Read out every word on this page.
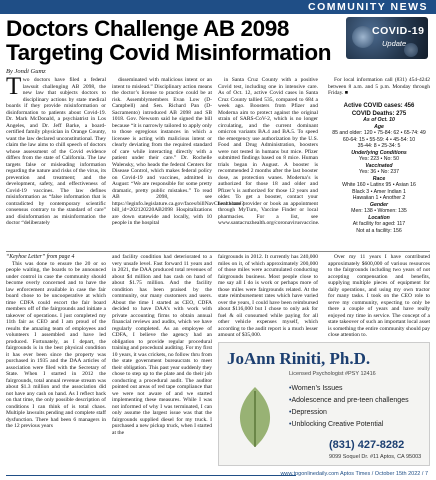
COMMUNITY NEWS
Doctors Challenge AB 2098 Targeting Covid Misinformation
By Jondi Gumz
COVID-19
Update
Two doctors have filed a federal lawsuit challenging AB 2098, the new law that subjects doctors to disciplinary actions by state medical boards if they provide misinformation or disinformation to patients about Covid-19. Dr. Mark McDonald, a psychiatrist in Los Angeles, and Dr. Jeff Barke, a board-certified family physician in Orange County, want the law declared unconstitutional. They claim the law aims to chill speech of doctors whose assessment of the Covid evidence differs from the state of California. The law targets false or misleading information regarding the nature and risks of the virus, its prevention and treatment; and the development, safety, and effectiveness of Covid-19 vaccines. The law defines misinformation as “false information that is contradicted by contemporary scientific consensus contrary to the standard of care” and disinformation as misinformation the doctor “deliberately

disseminated with malicious intent or an intent to mislead.” Disciplinary action means the doctor’s license to practice could be at risk. Assemblymembers Evan Low (D-Campbell) and Sen. Richard Pan (D-Sacramento) introduced AB 2098 and SB 1018. Gov. Newsom said he signed the bill because “it is narrowly tailored to apply only to those egregious instances in which a licensee is acting with malicious intent or clearly deviating from the required standard of care while interacting directly with a patient under their care.” Dr. Rochelle Walensky, who heads the federal Centers for Disease Control, which makes federal policy on Covid-19 and vaccines, admitted in August: “We are responsible for some pretty dramatic, pretty public mistakes.” To read AB 2098, see https://leginfo.legislature.ca.gov/faces/billNavClient.xhtml?bill_id=202120220AB2098 Hospitalizations are down statewide and locally, with 10 people in the hospital

in Santa Cruz County with a positive Covid test, including one in intensive care. As of Oct. 12, active Covid cases in Santa Cruz County tallied 535, compared to 684 a week ago. Boosters from Pfizer and Moderna aim to protect against the original strain of SARS-CoV-2, which is no longer circulating, and the current dominant omicron variants BA.4 and BA.5. To speed the emergency use authorization by the U.S. Food and Drug Administration, boosters were not tested in humans but mice. Pfizer submitted findings based on 8 mice. Human trials began in August. A booster is recommended 2 months after the last booster dose, as protection wanes. Moderna’s is authorized for those 18 and older and Pfizer’s is authorized for those 12 years and older. To get a booster, contact your healthcare provider or book an appointment through MyTurn, Vaccine Finder or local pharmacies. For a list, see www.santacruzhealth.org/coronavirusvaccine.

For local information call (831) 454-4242 between 8 a.m. and 5 p.m. Monday through Friday. ■

Active COVID cases: 456
COVID Deaths: 275
As of Oct. 10
Age
85 and older: 120 • 75-84: 62 • 65-74: 49
60-64: 15 • 55-59: 4 • 45-54: 10
35-44: 8 • 25-34: 5
Underlying Conditions
Yes: 223 • No: 50
Vaccinated
Yes: 36 • No: 237
Race
White 160 • Latinx 95 • Asian 16
Black 3 • Amer Indian 1
Hawaiian 1 • Another 2
Gender
Men: 138 • Women: 135
Location
At facility for aged: 117
Not at a facility: 156

“Keyhoe Letter” from page 4

This was done to ensure the 20 or so people waiting, the boards to be announced under control in case the community should become overly concerned and to have the law enforcement available in case the fair board chose to be uncooperative at which time CDFA could escort the fair board members off of the fairgrounds and initiate a takeover of operations. I just completed my 11th fair as CEO and I am proud of the results the amazing team of employees and volunteers I assembled and have led produced. Fortunately, as I depart, the fairgrounds is in the best physical condition it has ever been since the property was purchased in 1935 and the DAA articles of association were filed with the Secretary of State. When I started in 2012 the fairgrounds, total annual revenue stream was about $1.3 million and the association did not have any cash on hand. As I reflect back on that time, the only possible description of conditions I can think of is total chaos. Multiple lawsuits pending and complete staff dysfunction. There had been 6 managers in the 12 previous years

and facility condition had deteriorated to a very unsafe level. Fast forward 11 years and in 2021, the DAA produced total revenues of about $4 million and has cash on hand of about $1.75 million. And the facility condition has been praised by the community, our many customers and users. About the time I started as CEO, CDFA decided to have DAA’s with work with private accounting firms to obtain annual financial reviews and audits, which we have regularly completed. As an employee of CDFA, I believe the agency had an obligation to provide regular procedural training and procedural auditing. For my first 10 years, it was crickets, no follow thru from the state government bureaucrats to meet their obligation. This past year suddenly they chose to step up to the plate and do their job conducting a procedural audit. The auditor pointed out areas of red tape compliance that we were not aware of and we started implementing these measures. While I was not informed of why I was terminated, I can only assume the largest issue was that the fairgrounds supplied diesel for my truck. I purchased a new pickup truck, when I started at the

fairgrounds in 2012. It currently has 240,000 miles on it, of which approximately 200,000 of those miles were accumulated conducting fairgrounds business. Most people close to me say all I do is work or perhaps more of those miles were fairgrounds related. At the state reimbursement rates which have varied over the years, I could have been reimbursed about $116,000 but I chose to only ask for fuel & oil consumed while paying for all other vehicle expenses myself, which according to the audit report is a much lesser amount of $35,000.

Over my 11 years I have contributed approximately $600,000 of various resources to the fairgrounds including two years of not accepting compensation and benefits, supplying multiple pieces of equipment for daily operations, and using my own tractor for many tasks. I took on the CEO role to serve my community, expecting to only be there a couple of years and have really enjoyed my time in service. The concept of a state takeover of such an important local asset is something the entire community should pay close attention to.

JoAnn Riniti, Ph.D.
Licensed Psychologist #PSY 12416
• Women’s Issues
• Adolescence and pre-teen challenges
• Depression
• Unblocking Creative Potential
(831) 427-8282
9099 Soquel Dr. #11 Aptos, CA 95003
www.tpgonlinedaily.com Aptos Times / October 15th 2022 / 7
